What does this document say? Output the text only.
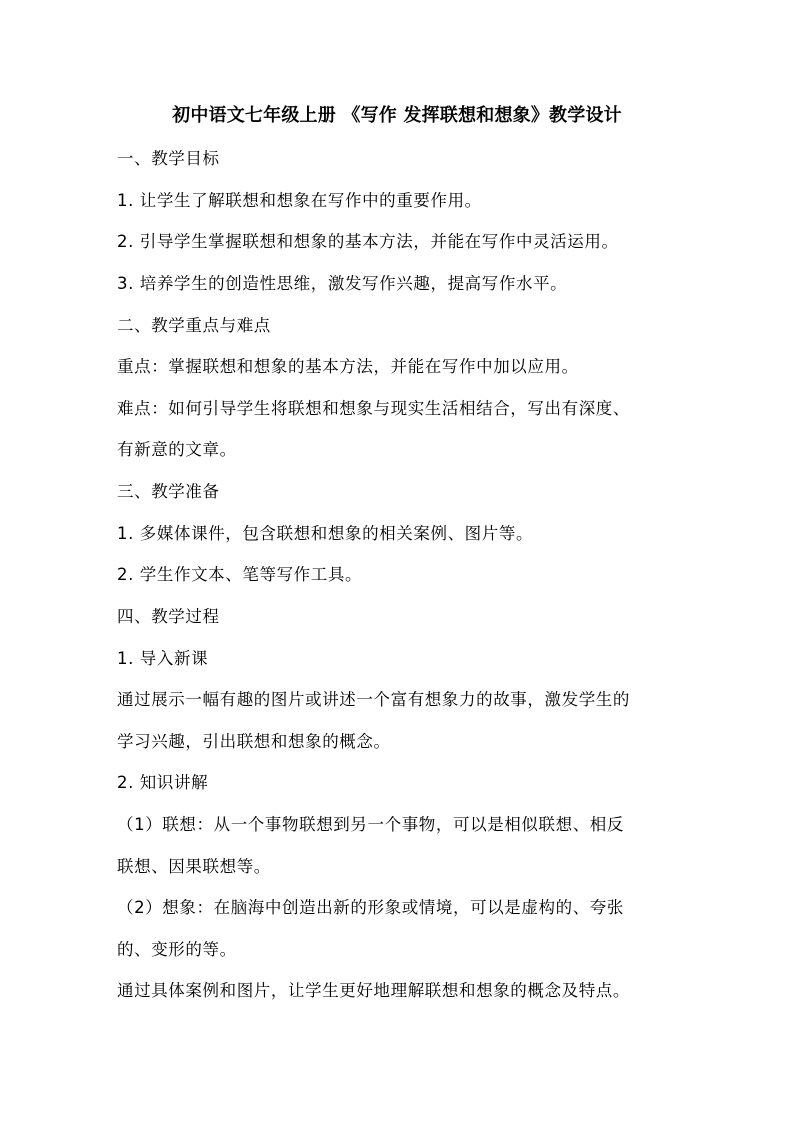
初中语文七年级上册 《写作 发挥联想和想象》教学设计
一、教学目标
1. 让学生了解联想和想象在写作中的重要作用。
2. 引导学生掌握联想和想象的基本方法，并能在写作中灵活运用。
3. 培养学生的创造性思维，激发写作兴趣，提高写作水平。
二、教学重点与难点
重点：掌握联想和想象的基本方法，并能在写作中加以应用。
难点：如何引导学生将联想和想象与现实生活相结合，写出有深度、
有新意的文章。
三、教学准备
1. 多媒体课件，包含联想和想象的相关案例、图片等。
2. 学生作文本、笔等写作工具。
四、教学过程
1. 导入新课
通过展示一幅有趣的图片或讲述一个富有想象力的故事，激发学生的
学习兴趣，引出联想和想象的概念。
2. 知识讲解
（1）联想：从一个事物联想到另一个事物，可以是相似联想、相反
联想、因果联想等。
（2）想象：在脑海中创造出新的形象或情境，可以是虚构的、夸张
的、变形的等。
通过具体案例和图片，让学生更好地理解联想和想象的概念及特点。
